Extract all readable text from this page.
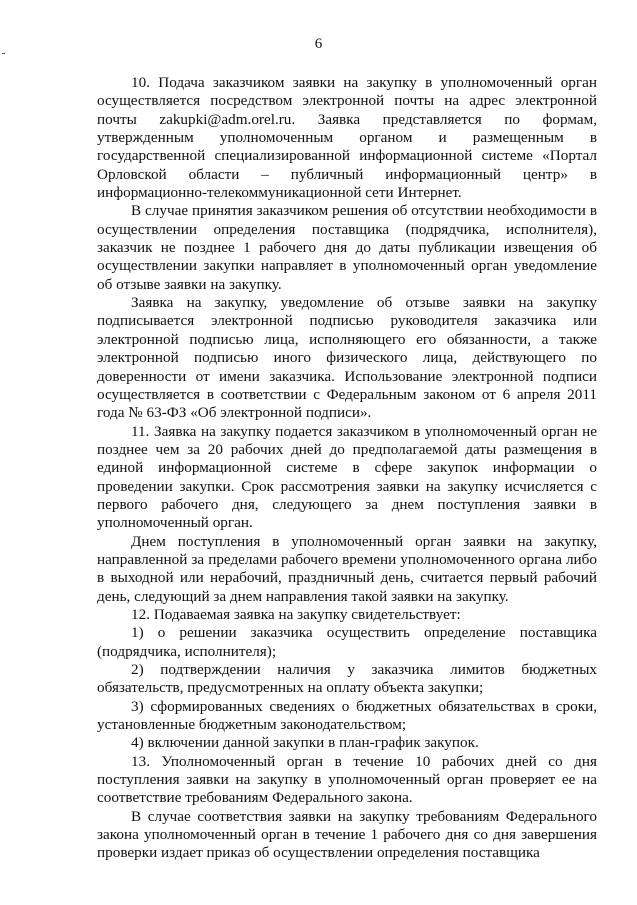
6

10. Подача заказчиком заявки на закупку в уполномоченный орган осуществляется посредством электронной почты на адрес электронной почты zakupki@adm.orel.ru. Заявка представляется по формам, утвержденным уполномоченным органом и размещенным в государственной специализированной информационной системе «Портал Орловской области – публичный информационный центр» в информационно-телекоммуникационной сети Интернет.

В случае принятия заказчиком решения об отсутствии необходимости в осуществлении определения поставщика (подрядчика, исполнителя), заказчик не позднее 1 рабочего дня до даты публикации извещения об осуществлении закупки направляет в уполномоченный орган уведомление об отзыве заявки на закупку.

Заявка на закупку, уведомление об отзыве заявки на закупку подписывается электронной подписью руководителя заказчика или электронной подписью лица, исполняющего его обязанности, а также электронной подписью иного физического лица, действующего по доверенности от имени заказчика. Использование электронной подписи осуществляется в соответствии с Федеральным законом от 6 апреля 2011 года № 63-ФЗ «Об электронной подписи».

11. Заявка на закупку подается заказчиком в уполномоченный орган не позднее чем за 20 рабочих дней до предполагаемой даты размещения в единой информационной системе в сфере закупок информации о проведении закупки. Срок рассмотрения заявки на закупку исчисляется с первого рабочего дня, следующего за днем поступления заявки в уполномоченный орган.

Днем поступления в уполномоченный орган заявки на закупку, направленной за пределами рабочего времени уполномоченного органа либо в выходной или нерабочий, праздничный день, считается первый рабочий день, следующий за днем направления такой заявки на закупку.

12. Подаваемая заявка на закупку свидетельствует:

1) о решении заказчика осуществить определение поставщика (подрядчика, исполнителя);

2) подтверждении наличия у заказчика лимитов бюджетных обязательств, предусмотренных на оплату объекта закупки;

3) сформированных сведениях о бюджетных обязательствах в сроки, установленные бюджетным законодательством;

4) включении данной закупки в план-график закупок.

13. Уполномоченный орган в течение 10 рабочих дней со дня поступления заявки на закупку в уполномоченный орган проверяет ее на соответствие требованиям Федерального закона.

В случае соответствия заявки на закупку требованиям Федерального закона уполномоченный орган в течение 1 рабочего дня со дня завершения проверки издает приказ об осуществлении определения поставщика
